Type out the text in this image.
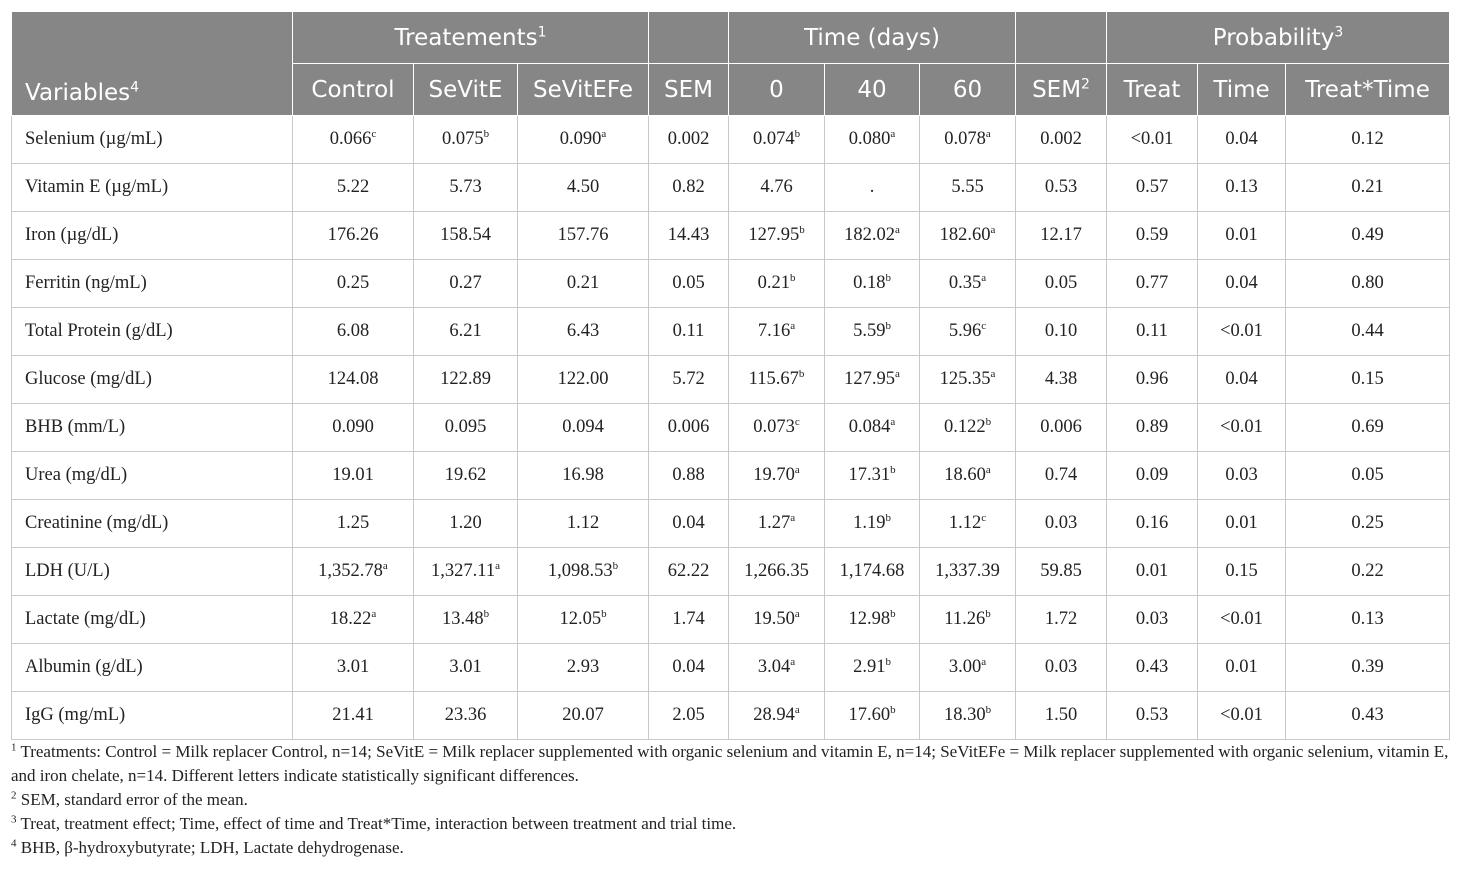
Variables$^4$	Treatements$^1$				Time (days)				Probability$^3$
	Control	SeVitE	SeVitEFe	SEM	0	40	60	SEM$^2$	Treat	Time	Treat*Time
Selenium (µg/mL)	0.066$^c$	0.075$^b$	0.090$^a$	0.002	0.074$^b$	0.080$^a$	0.078$^a$	0.002	<0.01	0.04	0.12
Vitamin E (µg/mL)	5.22	5.73	4.50	0.82	4.76	.	5.55	0.53	0.57	0.13	0.21
Iron (µg/dL)	176.26	158.54	157.76	14.43	127.95$^b$	182.02$^a$	182.60$^a$	12.17	0.59	0.01	0.49
Ferritin (ng/mL)	0.25	0.27	0.21	0.05	0.21$^b$	0.18$^b$	0.35$^a$	0.05	0.77	0.04	0.80
Total Protein (g/dL)	6.08	6.21	6.43	0.11	7.16$^a$	5.59$^b$	5.96$^c$	0.10	0.11	<0.01	0.44
Glucose (mg/dL)	124.08	122.89	122.00	5.72	115.67$^b$	127.95$^a$	125.35$^a$	4.38	0.96	0.04	0.15
BHB (mm/L)	0.090	0.095	0.094	0.006	0.073$^c$	0.084$^a$	0.122$^b$	0.006	0.89	<0.01	0.69
Urea (mg/dL)	19.01	19.62	16.98	0.88	19.70$^a$	17.31$^b$	18.60$^a$	0.74	0.09	0.03	0.05
Creatinine (mg/dL)	1.25	1.20	1.12	0.04	1.27$^a$	1.19$^b$	1.12$^c$	0.03	0.16	0.01	0.25
LDH (U/L)	1,352.78$^a$	1,327.11$^a$	1,098.53$^b$	62.22	1,266.35	1,174.68	1,337.39	59.85	0.01	0.15	0.22
Lactate (mg/dL)	18.22$^a$	13.48$^b$	12.05$^b$	1.74	19.50$^a$	12.98$^b$	11.26$^b$	1.72	0.03	<0.01	0.13
Albumin (g/dL)	3.01	3.01	2.93	0.04	3.04$^a$	2.91$^b$	3.00$^a$	0.03	0.43	0.01	0.39
IgG (mg/mL)	21.41	23.36	20.07	2.05	28.94$^a$	17.60$^b$	18.30$^b$	1.50	0.53	<0.01	0.43

$^1$ Treatments: Control = Milk replacer Control, n=14; SeVitE = Milk replacer supplemented with organic selenium and vitamin E, n=14; SeVitEFe = Milk replacer supplemented with organic selenium, vitamin E, and iron chelate, n=14. Different letters indicate statistically significant differences.

$^2$ SEM, standard error of the mean.

$^3$ Treat, treatment effect; Time, effect of time and Treat*Time, interaction between treatment and trial time.

$^4$ BHB, β-hydroxybutyrate; LDH, Lactate dehydrogenase.
